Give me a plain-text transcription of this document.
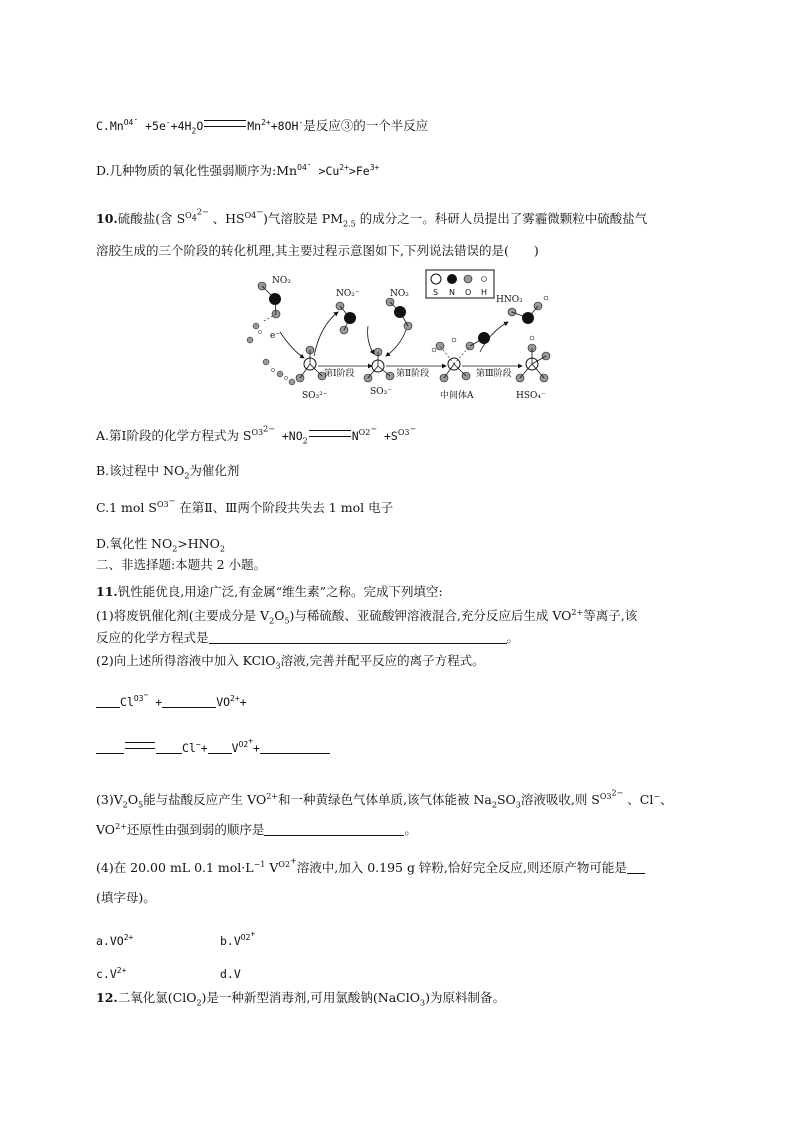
$C.Mn^{O4^-} +5e^-+4H_2O$	$Mn^{2+}+8OH^-$是反应③的一个半反应
D.几种物质的氧化性强弱顺序为$:Mn^{O4^-} >Cu^{2+}>Fe^{3+}$
10.硫酸盐(含 $S^{O_4^{2-}}$ 、$HS^{O4^-}$)气溶胶是 $PM_{2.5}$ 的成分之一。科研人员提出了雾霾微颗粒中硫酸盐气
溶胶生成的三个阶段的转化机理,其主要过程示意图如下,下列说法错误的是(　　)
S N O H
NO₂
e⁻
SO₃²⁻
NO₂⁻
第Ⅰ阶段
SO₃⁻
NO₂
第Ⅱ阶段
中间体A
HNO₂
第Ⅲ阶段
HSO₄⁻
A.第Ⅰ阶段的化学方程式为 $S^{O3^{2-}} +NO_2$	$N^{O2^-} +S^{O3^-}$
B.该过程中 $NO_2$为催化剂
C.1 mol $S^{O3^-}$ 在第Ⅱ、Ⅲ两个阶段共失去 1 mol 电子
D.氧化性 $NO_2>HNO_2$
二、非选择题:本题共 2 小题。
11.钒性能优良,用途广泛,有金属“维生素”之称。完成下列填空:
(1)将废钒催化剂(主要成分是 $V_2O_5$)与稀硫酸、亚硫酸钾溶液混合,充分反应后生成 $VO^{2+}$等离子,该
反应的化学方程式是	。
(2)向上述所得溶液中加入 KClO$_3$溶液,完善并配平反应的离子方程式。
$Cl^{O3^-}$ +	$VO^{2+}+$
$Cl^-+ V^{O2^+}+$
$(3)V_2O_5$能与盐酸反应产生 $VO^{2+}$和一种黄绿色气体单质,该气体能被 $Na_2SO_3$溶液吸收,则 $S^{O3^{2-}}$ 、Cl−、
$VO^{2+}$还原性由强到弱的顺序是	。
(4)在 20.00 mL 0.1 $mol\cdot L^{-1}$ $V^{O2^+}$溶液中,加入 0.195 g 锌粉,恰好完全反应,则还原产物可能是
(填字母)。
$a.VO^{2+}$	$b.V^{O2^+}$
$c.V^{2+}$	d.V
12.二氧化氯(ClO$_2$)是一种新型消毒剂,可用氯酸钠(NaClO$_3$)为原料制备。
